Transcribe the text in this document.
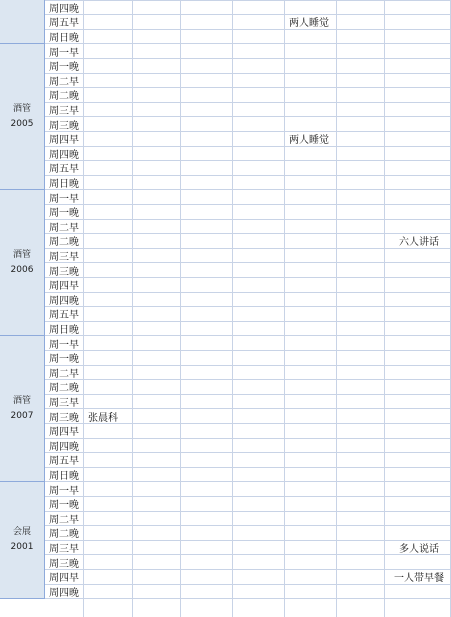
周四晚
周五早
周日晚
酒管
2005
周一早
周一晚
周二早
周二晚
周三早
周三晚
周四早
周四晚
周五早
周日晚
酒管
2006
周一早
周一晚
周二早
周二晚
周三早
周三晚
周四早
周四晚
周五早
周日晚
酒管
2007
周一早
周一晚
周二早
周二晚
周三早
周三晚
周四早
周四晚
周五早
周日晚
会展
2001
周一早
周一晚
周二早
周二晚
周三早
周三晚
周四早
周四晚
两人睡觉
两人睡觉
六人讲话
张晨科
多人说话
一人带早餐
